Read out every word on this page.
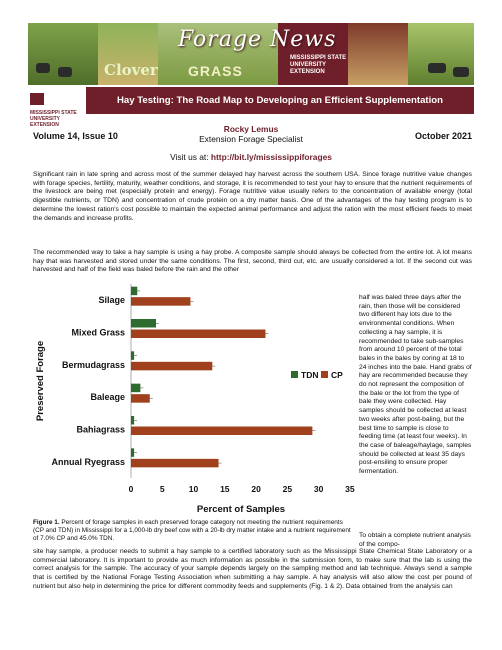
Forage News
Clover GRASS
MISSISSIPPI STATE
UNIVERSITY
EXTENSION
MISSISSIPPI STATE
UNIVERSITY
EXTENSION
Hay Testing: The Road Map to Developing an Efficient Supplementation
Volume 14, Issue 10
Rocky Lemus
Extension Forage Specialist	October 2021
Visit us at: http://bit.ly/mississippiforages
Significant rain in late spring and across most of the summer delayed hay harvest across the southern USA. Since forage nutritive value changes with forage species, fertility, maturity, weather conditions, and storage, it is recommended to test your hay to ensure that the nutrient requirements of the livestock are being met (especially protein and energy). Forage nutritive value usually refers to the concentration of available energy (total digestible nutrients, or TDN) and concentration of crude protein on a dry matter basis. One of the advantages of the hay testing program is to determine the lowest ration's cost possible to maintain the expected animal performance and adjust the ration with the most efficient feeds to meet the demands and increase profits.
The recommended way to take a hay sample is using a hay probe. A composite sample should always be collected from the entire lot. A lot means hay that was harvested and stored under the same conditions. The first, second, third cut, etc. are usually considered a lot. If the second cut was harvested and half of the field was baled before the rain and the other
Silage
Mixed Grass
Bermudagrass
Baleage
Bahiagrass
Annual Ryegrass
0	5	10	15	20	25	30	35
Percent of Samples
Preserved Forage	TDN CP
half was baled three days after the rain, then those will be considered two different hay lots due to the environmental conditions. When collecting a hay sample, it is recommended to take sub-samples from around 10 percent of the total bales in the bales by coring at 18 to 24 inches into the bale. Hand grabs of hay are recommended because they do not represent the composition of the bale or the lot from the type of bale they were collected. Hay samples should be collected at least two weeks after post-baling, but the best time to sample is close to feeding time (at least four weeks). In the case of baleage/haylage, samples should be collected at least 35 days post-ensiling to ensure proper fermentation.
To obtain a complete nutrient analysis of the compo-
Figure 1. Percent of forage samples in each preserved forage category not meeting the nutrient requirements (CP and TDN) in Mississippi for a 1,000-lb dry beef cow with a 20-lb dry matter intake and a nutrient requirement of 7.0% CP and 45.0% TDN.
site hay sample, a producer needs to submit a hay sample to a certified laboratory such as the Mississippi State Chemical State Laboratory or a commercial laboratory. It is important to provide as much information as possible in the submission form, to make sure that the lab is using the correct analysis for the sample. The accuracy of your sample depends largely on the sampling method and lab technique. Always send a sample that is certified by the National Forage Testing Association when submitting a hay sample. A hay analysis will also allow the cost per pound of nutrient but also help in determining the price for different commodity feeds and supplements (Fig. 1 & 2). Data obtained from the analysis can
